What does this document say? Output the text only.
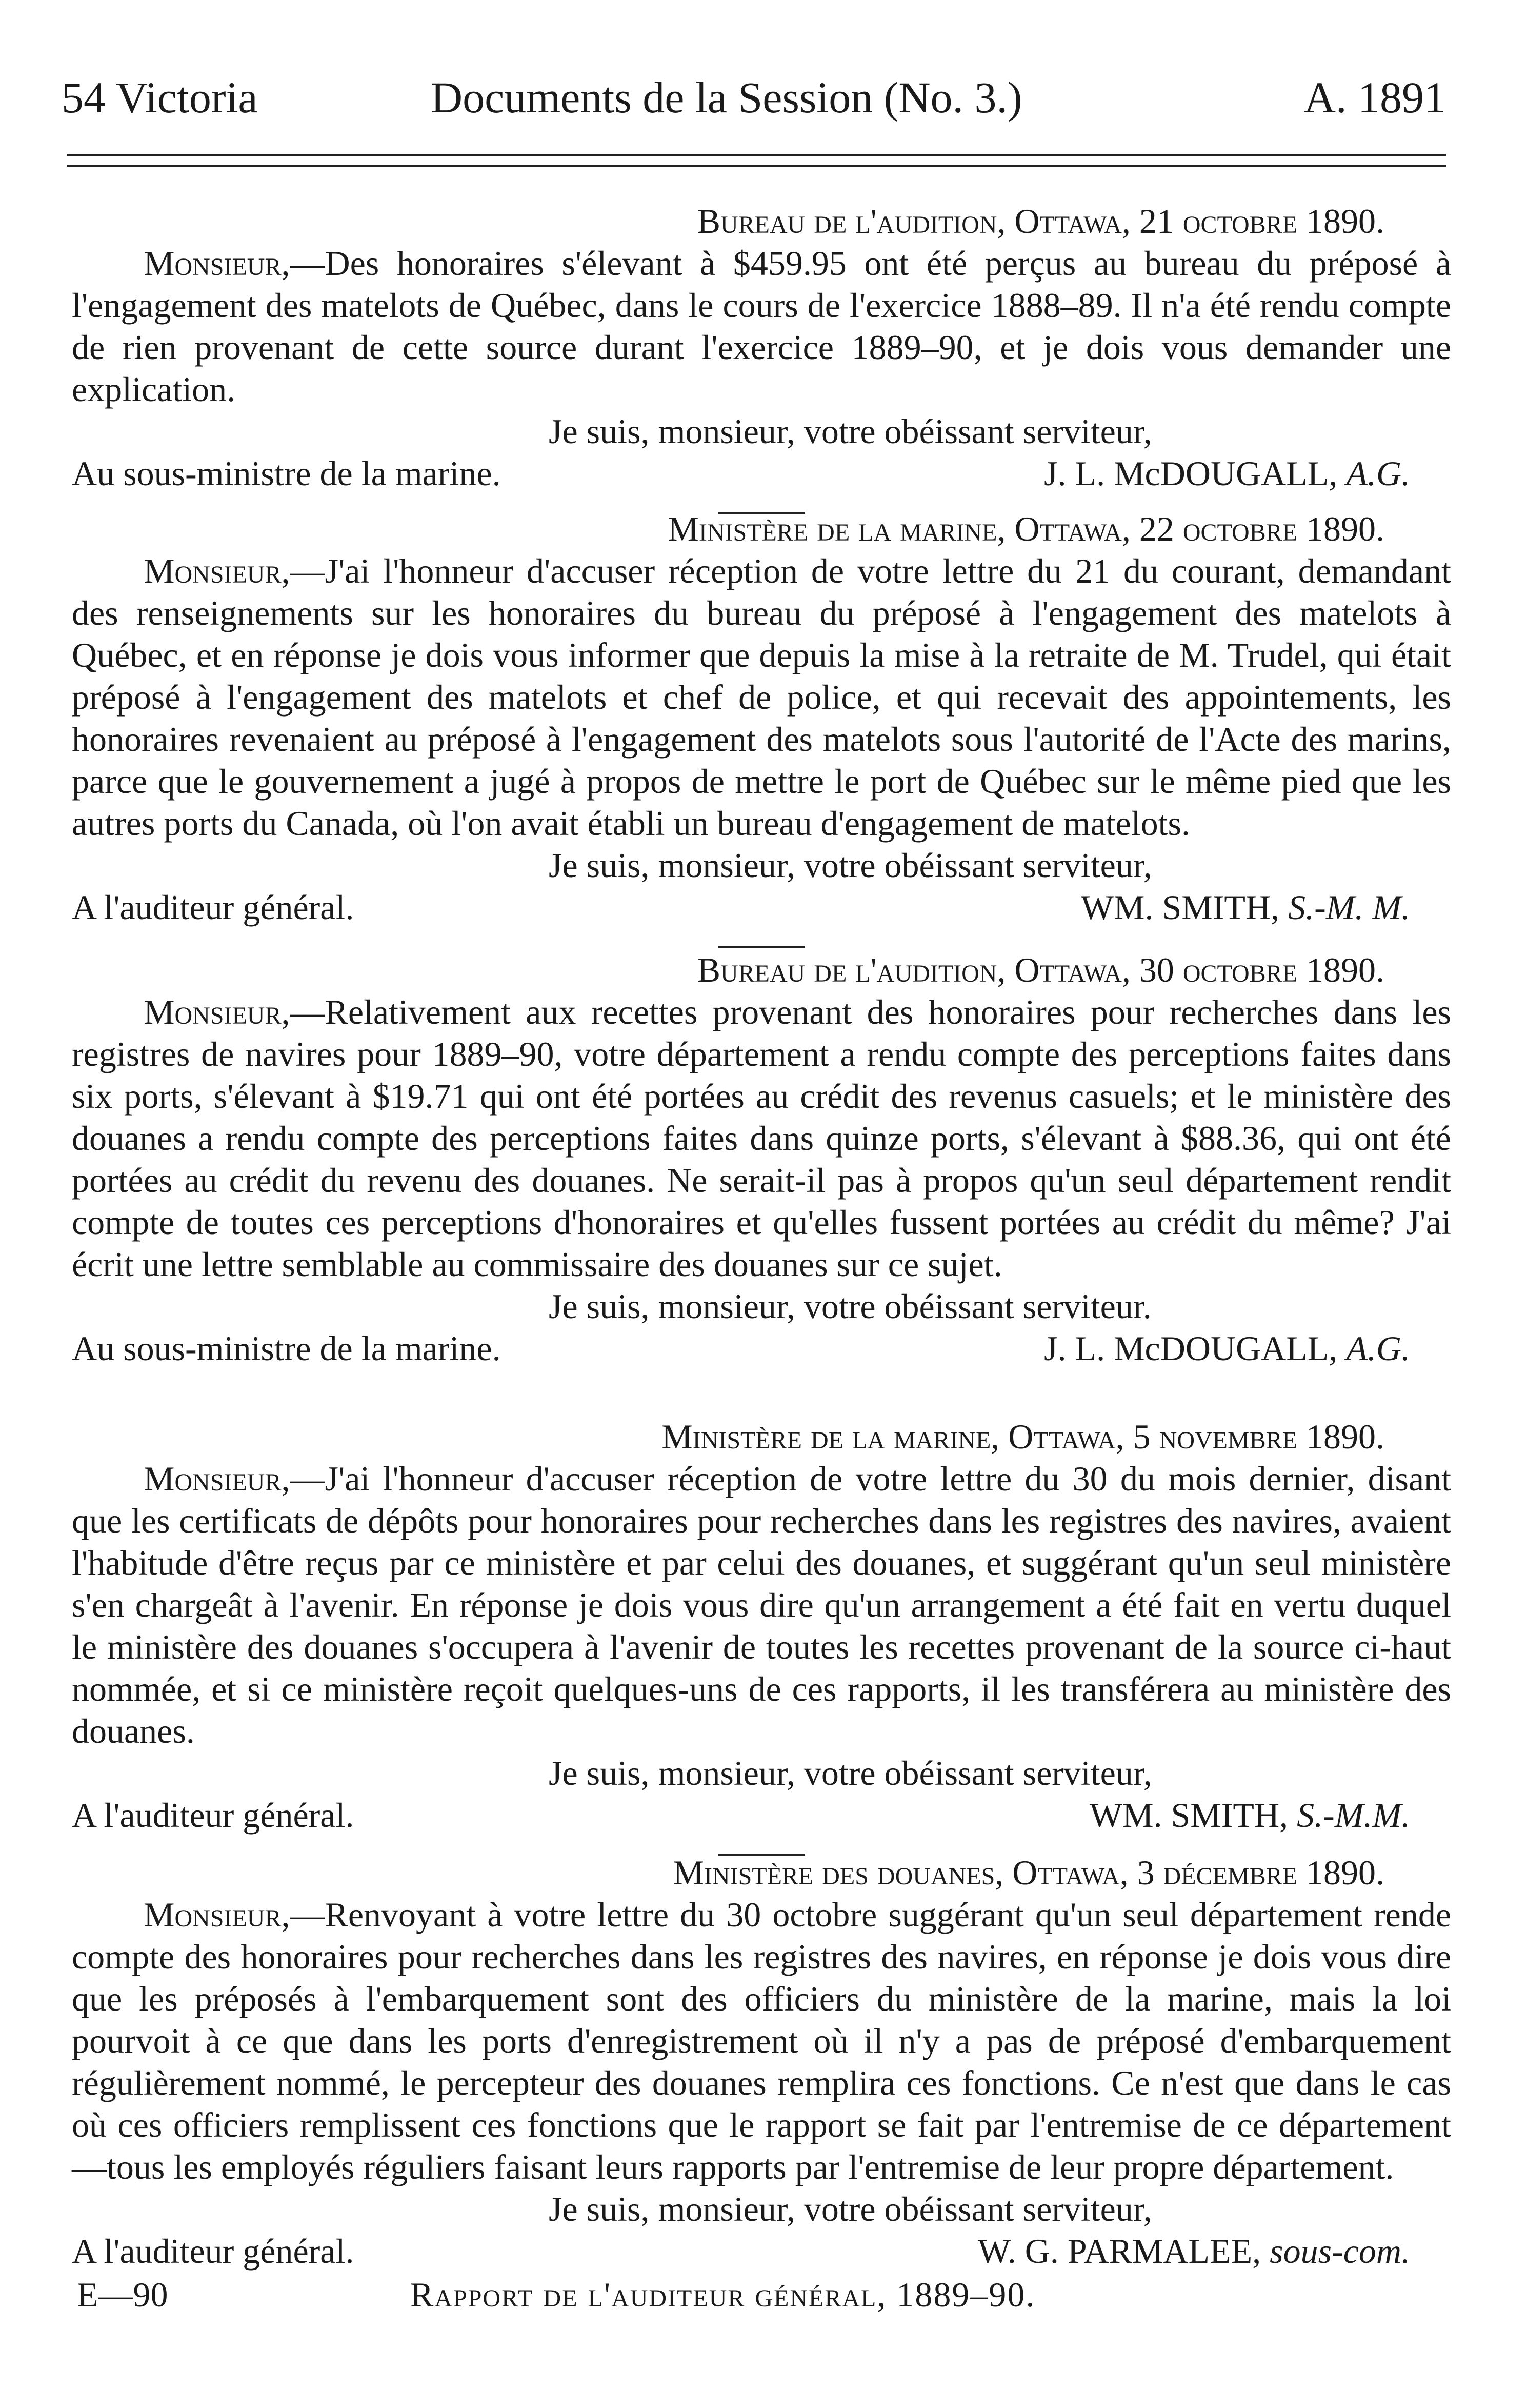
54 Victoria	Documents de la Session (No. 3.)	A. 1891
Bureau de l'audition, Ottawa, 21 octobre 1890.

Monsieur,—Des honoraires s'élevant à $459.95 ont été perçus au bureau du préposé à l'engagement des matelots de Québec, dans le cours de l'exercice 1888–89. Il n'a été rendu compte de rien provenant de cette source durant l'exercice 1889–90, et je dois vous demander une explication.

Je suis, monsieur, votre obéissant serviteur,
Au sous-ministre de la marine.	J. L. McDOUGALL, A.G.
Ministère de la marine, Ottawa, 22 octobre 1890.

Monsieur,—J'ai l'honneur d'accuser réception de votre lettre du 21 du courant, demandant des renseignements sur les honoraires du bureau du préposé à l'engagement des matelots à Québec, et en réponse je dois vous informer que depuis la mise à la retraite de M. Trudel, qui était préposé à l'engagement des matelots et chef de police, et qui recevait des appointements, les honoraires revenaient au préposé à l'engagement des matelots sous l'autorité de l'Acte des marins, parce que le gouvernement a jugé à propos de mettre le port de Québec sur le même pied que les autres ports du Canada, où l'on avait établi un bureau d'engagement de matelots.

Je suis, monsieur, votre obéissant serviteur,
A l'auditeur général.	WM. SMITH, S.-M. M.
Bureau de l'audition, Ottawa, 30 octobre 1890.

Monsieur,—Relativement aux recettes provenant des honoraires pour recherches dans les registres de navires pour 1889–90, votre département a rendu compte des perceptions faites dans six ports, s'élevant à $19.71 qui ont été portées au crédit des revenus casuels; et le ministère des douanes a rendu compte des perceptions faites dans quinze ports, s'élevant à $88.36, qui ont été portées au crédit du revenu des douanes. Ne serait-il pas à propos qu'un seul département rendit compte de toutes ces perceptions d'honoraires et qu'elles fussent portées au crédit du même? J'ai écrit une lettre semblable au commissaire des douanes sur ce sujet.

Je suis, monsieur, votre obéissant serviteur.
Au sous-ministre de la marine.	J. L. McDOUGALL, A.G.
Ministère de la marine, Ottawa, 5 novembre 1890.

Monsieur,—J'ai l'honneur d'accuser réception de votre lettre du 30 du mois dernier, disant que les certificats de dépôts pour honoraires pour recherches dans les registres des navires, avaient l'habitude d'être reçus par ce ministère et par celui des douanes, et suggérant qu'un seul ministère s'en chargeât à l'avenir. En réponse je dois vous dire qu'un arrangement a été fait en vertu duquel le ministère des douanes s'occupera à l'avenir de toutes les recettes provenant de la source ci-haut nommée, et si ce ministère reçoit quelques-uns de ces rapports, il les transférera au ministère des douanes.

Je suis, monsieur, votre obéissant serviteur,
A l'auditeur général.	WM. SMITH, S.-M.M.
Ministère des douanes, Ottawa, 3 décembre 1890.

Monsieur,—Renvoyant à votre lettre du 30 octobre suggérant qu'un seul département rende compte des honoraires pour recherches dans les registres des navires, en réponse je dois vous dire que les préposés à l'embarquement sont des officiers du ministère de la marine, mais la loi pourvoit à ce que dans les ports d'enregistrement où il n'y a pas de préposé d'embarquement régulièrement nommé, le percepteur des douanes remplira ces fonctions. Ce n'est que dans le cas où ces officiers remplissent ces fonctions que le rapport se fait par l'entremise de ce département—tous les employés réguliers faisant leurs rapports par l'entremise de leur propre département.

Je suis, monsieur, votre obéissant serviteur,
A l'auditeur général.	W. G. PARMALEE, sous-com.
E—90	Rapport de l'auditeur général, 1889–90.
